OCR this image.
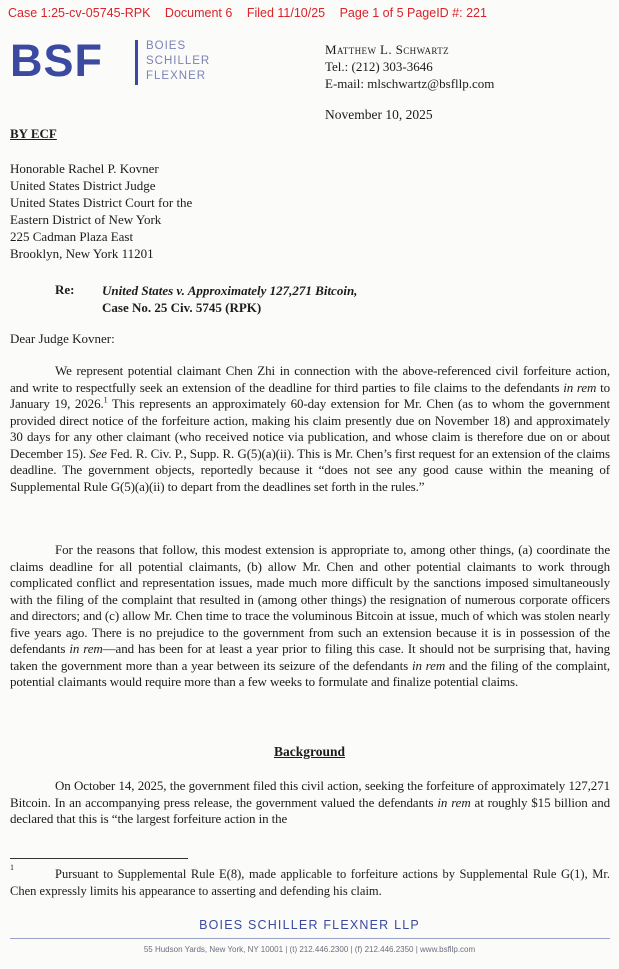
Case 1:25-cv-05745-RPK Document 6 Filed 11/10/25 Page 1 of 5 PageID #: 221
BSF	BOIES
SCHILLER
FLEXNER
Matthew L. Schwartz
Tel.: (212) 303-3646
E-mail: mlschwartz@bsfllp.com
November 10, 2025
BY ECF
Honorable Rachel P. Kovner
United States District Judge
United States District Court for the
Eastern District of New York
225 Cadman Plaza East
Brooklyn, New York 11201
Re: United States v. Approximately 127,271 Bitcoin,
Case No. 25 Civ. 5745 (RPK)
Dear Judge Kovner:
We represent potential claimant Chen Zhi in connection with the above-referenced civil forfeiture action, and write to respectfully seek an extension of the deadline for third parties to file claims to the defendants in rem to January 19, 2026.$^1$ This represents an approximately 60-day extension for Mr. Chen (as to whom the government provided direct notice of the forfeiture action, making his claim presently due on November 18) and approximately 30 days for any other claimant (who received notice via publication, and whose claim is therefore due on or about December 15). See Fed. R. Civ. P., Supp. R. G(5)(a)(ii). This is Mr. Chen’s first request for an extension of the claims deadline. The government objects, reportedly because it “does not see any good cause within the meaning of Supplemental Rule G(5)(a)(ii) to depart from the deadlines set forth in the rules.”
For the reasons that follow, this modest extension is appropriate to, among other things, (a) coordinate the claims deadline for all potential claimants, (b) allow Mr. Chen and other potential claimants to work through complicated conflict and representation issues, made much more difficult by the sanctions imposed simultaneously with the filing of the complaint that resulted in (among other things) the resignation of numerous corporate officers and directors; and (c) allow Mr. Chen time to trace the voluminous Bitcoin at issue, much of which was stolen nearly five years ago. There is no prejudice to the government from such an extension because it is in possession of the defendants in rem—and has been for at least a year prior to filing this case. It should not be surprising that, having taken the government more than a year between its seizure of the defendants in rem and the filing of the complaint, potential claimants would require more than a few weeks to formulate and finalize potential claims.
Background
On October 14, 2025, the government filed this civil action, seeking the forfeiture of approximately 127,271 Bitcoin. In an accompanying press release, the government valued the defendants in rem at roughly $15 billion and declared that this is “the largest forfeiture action in the
$^1$	Pursuant to Supplemental Rule E(8), made applicable to forfeiture actions by Supplemental Rule G(1), Mr. Chen expressly limits his appearance to asserting and defending his claim.
BOIES SCHILLER FLEXNER LLP
55 Hudson Yards, New York, NY 10001 | (t) 212.446.2300 | (f) 212.446.2350 | www.bsfllp.com
